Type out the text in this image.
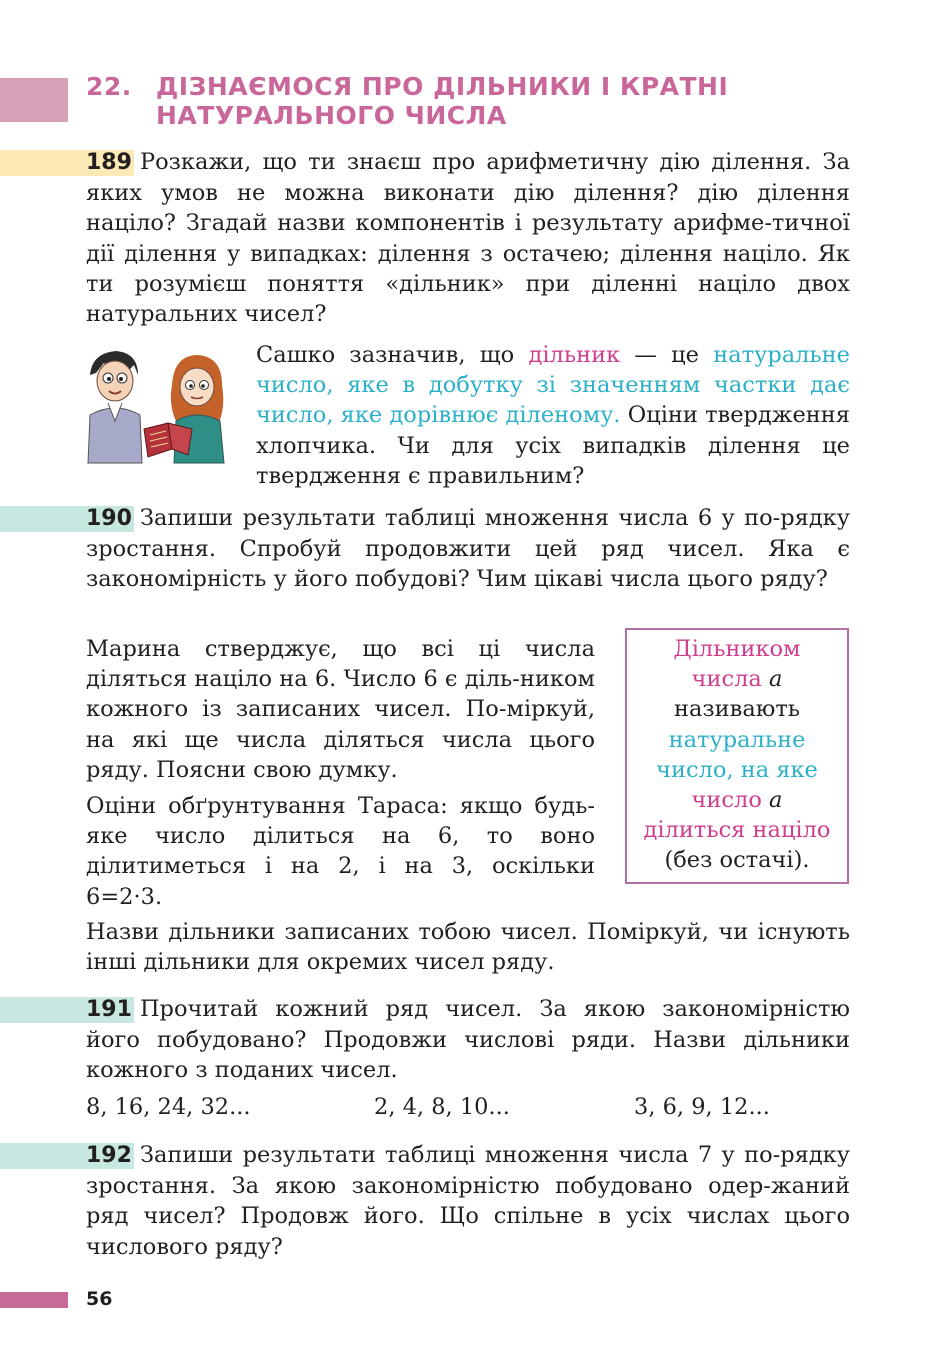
22. ДІЗНАЄМОСЯ ПРО ДІЛЬНИКИ І КРАТНІ
НАТУРАЛЬНОГО ЧИСЛА

189 Розкажи, що ти знаєш про арифметичну дію ділення. За яких умов не можна виконати дію ділення? дію ділення націло? Згадай назви компонентів і результату арифме-тичної дії ділення у випадках: ділення з остачею; ділення націло. Як ти розумієш поняття «дільник» при діленні націло двох натуральних чисел?

Сашко зазначив, що дільник — це натуральне число, яке в добутку зі значенням частки дає число, яке дорівнює діленому. Оціни твердження хлопчика. Чи для усіх випадків ділення це твердження є правильним?

190 Запиши результати таблиці множення числа 6 у по-рядку зростання. Спробуй продовжити цей ряд чисел. Яка є закономірність у його побудові? Чим цікаві числа цього ряду?

Марина стверджує, що всі ці числа діляться націло на 6. Число 6 є діль-ником кожного із записаних чисел. По-міркуй, на які ще числа діляться числа цього ряду. Поясни свою думку.

Оціни обґрунтування Тараса: якщо будь-яке число ділиться на 6, то воно ділитиметься і на 2, і на 3, оскільки 6=2·3.

Дільником
числа a
називають
натуральне
число, на яке
число a
ділиться націло
(без остачі).

Назви дільники записаних тобою чисел. Поміркуй, чи існують інші дільники для окремих чисел ряду.

191 Прочитай кожний ряд чисел. За якою закономірністю його побудовано? Продовжи числові ряди. Назви дільники кожного з поданих чисел.

8, 16, 24, 32...	2, 4, 8, 10...	3, 6, 9, 12...

192 Запиши результати таблиці множення числа 7 у по-рядку зростання. За якою закономірністю побудовано одер-жаний ряд чисел? Продовж його. Що спільне в усіх числах цього числового ряду?

56
